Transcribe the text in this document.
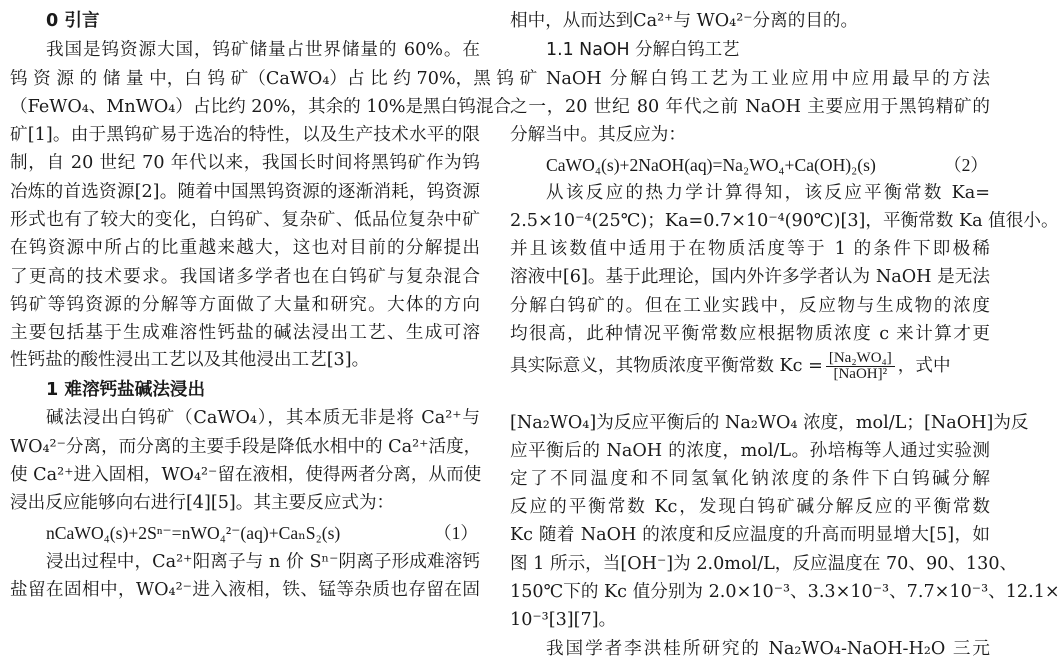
0 引言
我国是钨资源大国，钨矿储量占世界储量的 60%。在
钨 资 源 的 储 量 中，白 钨 矿（CaWO₄）占 比 约 70%，黑 钨 矿
（FeWO₄、MnWO₄）占比约 20%，其余的 10%是黑白钨混合
矿[1]。由于黑钨矿易于选冶的特性，以及生产技术水平的限
制，自 20 世纪 70 年代以来，我国长时间将黑钨矿作为钨
冶炼的首选资源[2]。随着中国黑钨资源的逐渐消耗，钨资源
形式也有了较大的变化，白钨矿、复杂矿、低品位复杂中矿
在钨资源中所占的比重越来越大，这也对目前的分解提出
了更高的技术要求。我国诸多学者也在白钨矿与复杂混合
钨矿等钨资源的分解等方面做了大量和研究。大体的方向
主要包括基于生成难溶性钙盐的碱法浸出工艺、生成可溶
性钙盐的酸性浸出工艺以及其他浸出工艺[3]。
1 难溶钙盐碱法浸出
碱法浸出白钨矿（CaWO₄），其本质无非是将 Ca²⁺与
WO₄²⁻分离，而分离的主要手段是降低水相中的 Ca²⁺活度，
使 Ca²⁺进入固相，WO₄²⁻留在液相，使得两者分离，从而使
浸出反应能够向右进行[4][5]。其主要反应式为：
nCaWO₄(s)+2Sⁿ⁻=nWO₄²⁻(aq)+CaₙS₂(s)	（1）
浸出过程中，Ca²⁺阳离子与 n 价 Sⁿ⁻阴离子形成难溶钙
盐留在固相中，WO₄²⁻进入液相，铁、锰等杂质也存留在固
具实际意义，其物质浓度平衡常数 $Kc = \frac{\text{[Na₂WO₄]}}{\text{[NaOH]²}}$ ，式中
相中，从而达到Ca²⁺与 WO₄²⁻分离的目的。
1.1 NaOH 分解白钨工艺
NaOH 分解白钨工艺为工业应用中应用最早的方法
之一，20 世纪 80 年代之前 NaOH 主要应用于黑钨精矿的
分解当中。其反应为：
CaWO₄(s)+2NaOH(aq)=Na₂WO₄+Ca(OH)₂(s)	（2）
从该反应的热力学计算得知，该反应平衡常数 Ka=
2.5×10⁻⁴(25℃)；Ka=0.7×10⁻⁴(90℃)[3]，平衡常数 Ka 值很小。
并且该数值中适用于在物质活度等于 1 的条件下即极稀
溶液中[6]。基于此理论，国内外许多学者认为 NaOH 是无法
分解白钨矿的。但在工业实践中，反应物与生成物的浓度
均很高，此种情况平衡常数应根据物质浓度 c 来计算才更
[Na₂WO₄]为反应平衡后的 Na₂WO₄ 浓度，mol/L；[NaOH]为反
应平衡后的 NaOH 的浓度，mol/L。孙培梅等人通过实验测
定了不同温度和不同氢氧化钠浓度的条件下白钨碱分解
反应的平衡常数 Kc，发现白钨矿碱分解反应的平衡常数
Kc 随着 NaOH 的浓度和反应温度的升高而明显增大[5]，如
图 1 所示，当[OH⁻]为 2.0mol/L，反应温度在 70、90、130、
150℃下的 Kc 值分别为 2.0×10⁻³、3.3×10⁻³、7.7×10⁻³、12.1×
10⁻³[3][7]。
我国学者李洪桂所研究的 Na₂WO₄-NaOH-H₂O 三元
